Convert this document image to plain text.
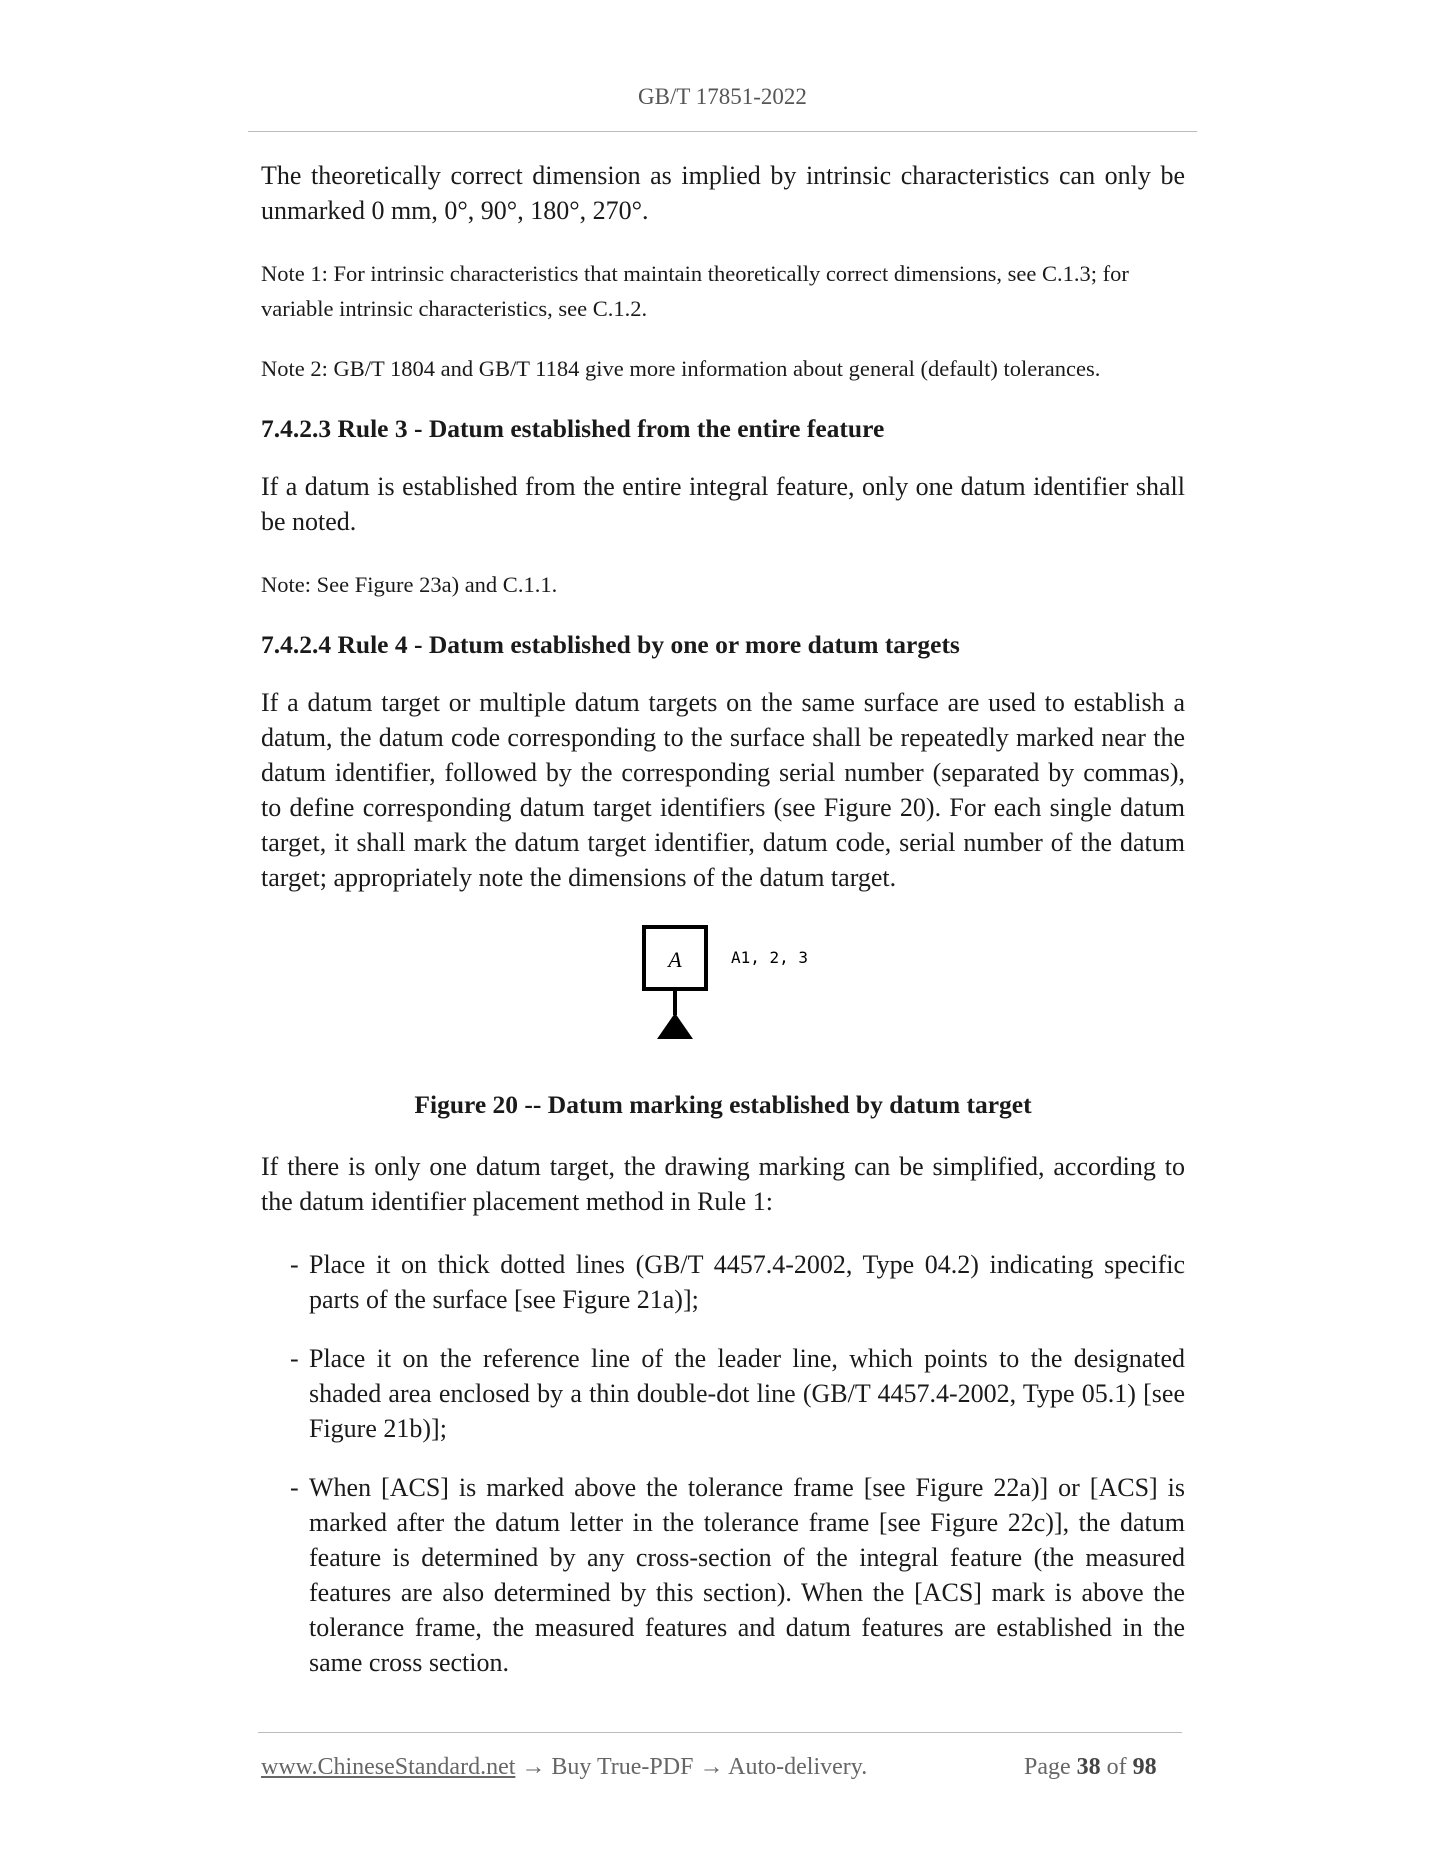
GB/T 17851-2022

The theoretically correct dimension as implied by intrinsic characteristics can only be unmarked 0 mm, 0°, 90°, 180°, 270°.

Note 1: For intrinsic characteristics that maintain theoretically correct dimensions, see C.1.3; for variable intrinsic characteristics, see C.1.2.

Note 2: GB/T 1804 and GB/T 1184 give more information about general (default) tolerances.

7.4.2.3 Rule 3 - Datum established from the entire feature

If a datum is established from the entire integral feature, only one datum identifier shall be noted.

Note: See Figure 23a) and C.1.1.

7.4.2.4 Rule 4 - Datum established by one or more datum targets

If a datum target or multiple datum targets on the same surface are used to establish a datum, the datum code corresponding to the surface shall be repeatedly marked near the datum identifier, followed by the corresponding serial number (separated by commas), to define corresponding datum target identifiers (see Figure 20). For each single datum target, it shall mark the datum target identifier, datum code, serial number of the datum target; appropriately note the dimensions of the datum target.

A	A1, 2, 3

Figure 20 -- Datum marking established by datum target

If there is only one datum target, the drawing marking can be simplified, according to the datum identifier placement method in Rule 1:

- Place it on thick dotted lines (GB/T 4457.4-2002, Type 04.2) indicating specific parts of the surface [see Figure 21a)];

- Place it on the reference line of the leader line, which points to the designated shaded area enclosed by a thin double-dot line (GB/T 4457.4-2002, Type 05.1) [see Figure 21b)];

- When [ACS] is marked above the tolerance frame [see Figure 22a)] or [ACS] is marked after the datum letter in the tolerance frame [see Figure 22c)], the datum feature is determined by any cross-section of the integral feature (the measured features are also determined by this section). When the [ACS] mark is above the tolerance frame, the measured features and datum features are established in the same cross section.

www.ChineseStandard.net → Buy True-PDF → Auto-delivery.	Page 38 of 98
